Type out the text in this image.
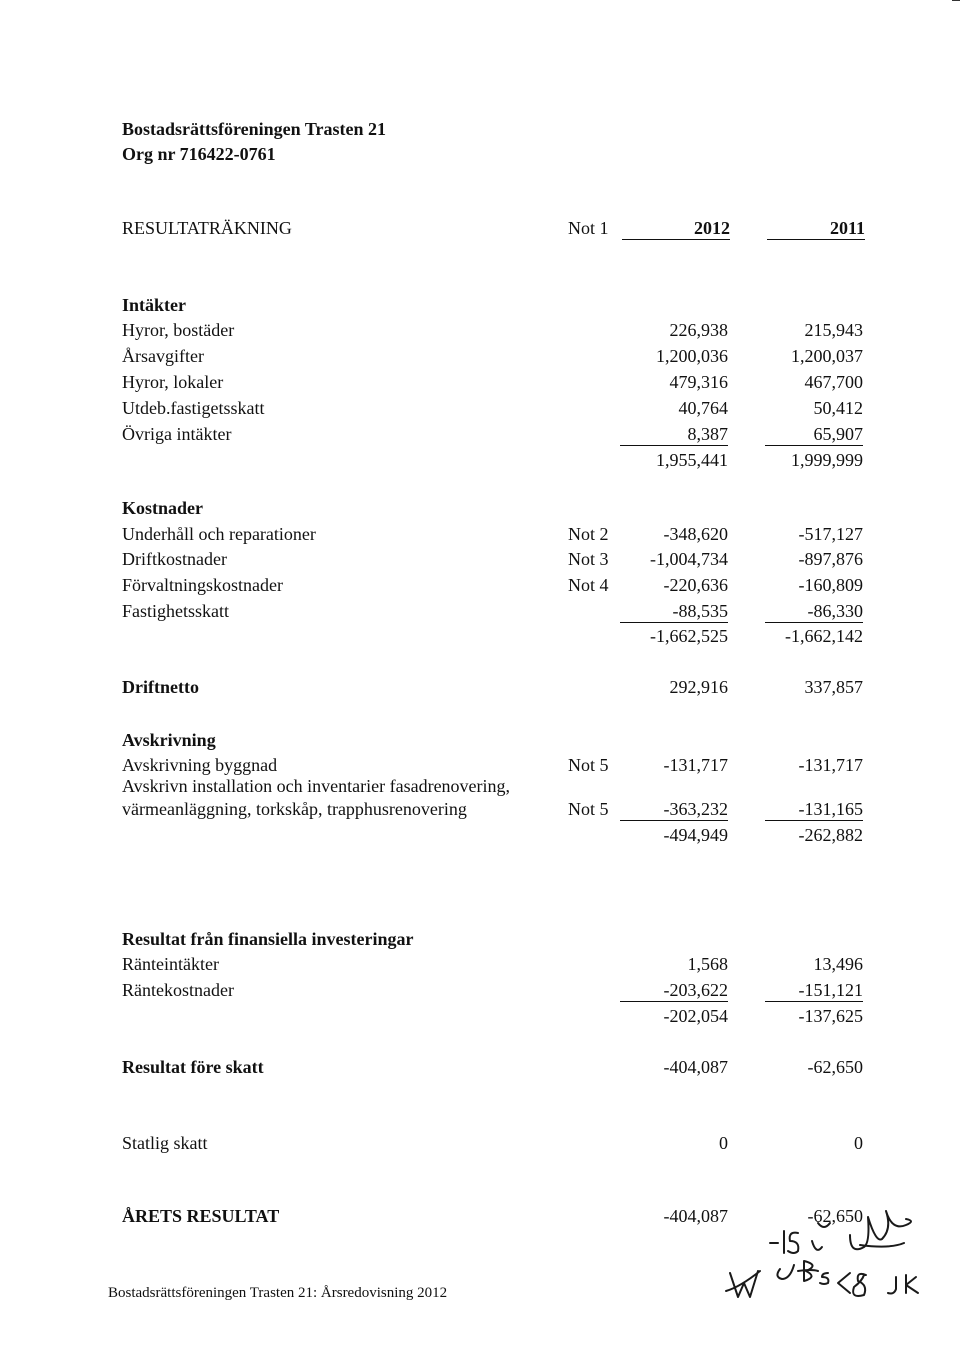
Bostadsrättsföreningen Trasten 21
Org nr 716422-0761
RESULTATRÄKNING	Not 1	2012	2011
Intäkter
Hyror, bostäder	226,938	215,943
Årsavgifter	1,200,036	1,200,037
Hyror, lokaler	479,316	467,700
Utdeb.fastigetsskatt	40,764	50,412
Övriga intäkter	8,387	65,907
1,955,441	1,999,999
Kostnader
Underhåll och reparationer	Not 2	-348,620	-517,127
Driftkostnader	Not 3	-1,004,734	-897,876
Förvaltningskostnader	Not 4	-220,636	-160,809
Fastighetsskatt	-88,535	-86,330
-1,662,525	-1,662,142
Driftnetto	292,916	337,857
Avskrivning
Avskrivning byggnad	Not 5	-131,717	-131,717
Avskrivn installation och inventarier fasadrenovering,
värmeanläggning, torkskåp, trapphusrenovering	Not 5	-363,232	-131,165
-494,949	-262,882
Resultat från finansiella investeringar
Ränteintäkter	1,568	13,496
Räntekostnader	-203,622	-151,121
-202,054	-137,625
Resultat före skatt	-404,087	-62,650
Statlig skatt	0	0
ÅRETS RESULTAT	-404,087	-62,650
Bostadsrättsföreningen Trasten 21: Årsredovisning 2012
